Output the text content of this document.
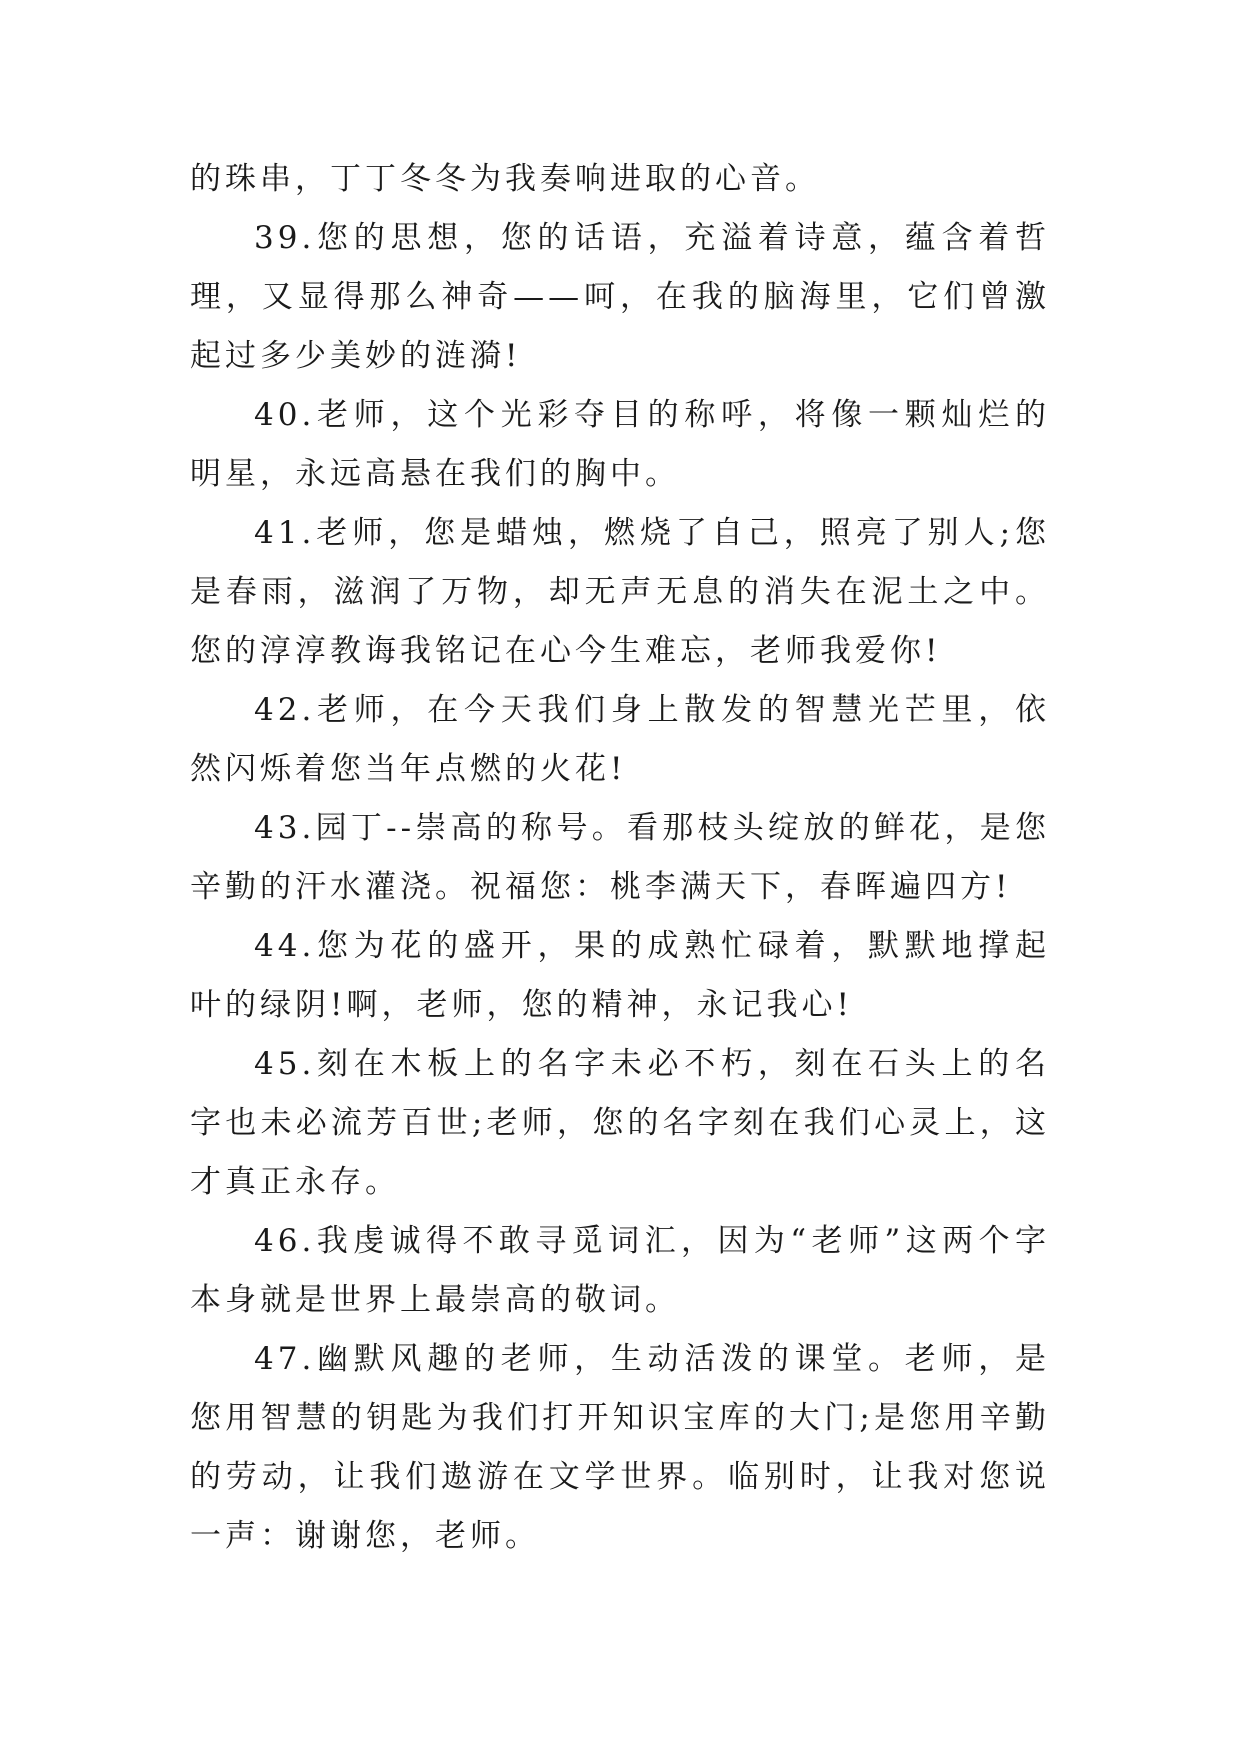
的珠串，丁丁冬冬为我奏响进取的心音。

39.您的思想，您的话语，充溢着诗意，蕴含着哲理，又显得那么神奇——呵，在我的脑海里，它们曾激起过多少美妙的涟漪!

40.老师，这个光彩夺目的称呼，将像一颗灿烂的明星，永远高悬在我们的胸中。

41.老师，您是蜡烛，燃烧了自己，照亮了别人;您是春雨，滋润了万物，却无声无息的消失在泥土之中。您的淳淳教诲我铭记在心今生难忘，老师我爱你!

42.老师，在今天我们身上散发的智慧光芒里，依然闪烁着您当年点燃的火花!

43.园丁--崇高的称号。看那枝头绽放的鲜花，是您辛勤的汗水灌浇。祝福您：桃李满天下，春晖遍四方!

44.您为花的盛开，果的成熟忙碌着，默默地撑起叶的绿阴!啊，老师，您的精神，永记我心!

45.刻在木板上的名字未必不朽，刻在石头上的名字也未必流芳百世;老师，您的名字刻在我们心灵上，这才真正永存。

46.我虔诚得不敢寻觅词汇，因为“老师”这两个字本身就是世界上最崇高的敬词。

47.幽默风趣的老师，生动活泼的课堂。老师，是您用智慧的钥匙为我们打开知识宝库的大门;是您用辛勤的劳动，让我们遨游在文学世界。临别时，让我对您说一声：谢谢您，老师。
